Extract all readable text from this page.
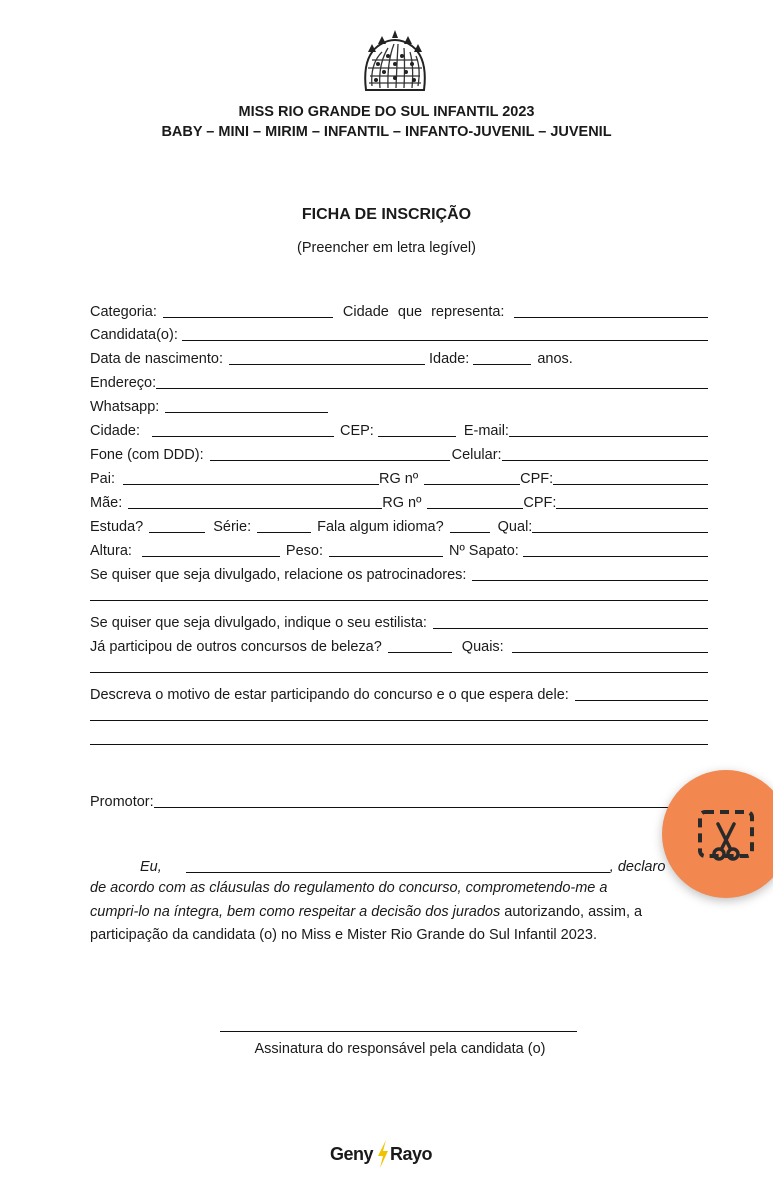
MISS RIO GRANDE DO SUL INFANTIL 2023
BABY – MINI – MIRIM – INFANTIL – INFANTO-JUVENIL – JUVENIL
FICHA DE INSCRIÇÃO
(Preencher em letra legível)
Categoria:	Cidade que representa:
Candidata(o):
Data de nascimento:	Idade:	anos.
Endereço:
Whatsapp:
Cidade:	CEP:	E-mail:
Fone (com DDD):	Celular:
Pai:	RG nº	CPF:
Mãe:	RG nº	CPF:
Estuda?	Série:	Fala algum idioma?	Qual:
Altura:	Peso:	Nº Sapato:
Se quiser que seja divulgado, relacione os patrocinadores:
Se quiser que seja divulgado, indique o seu estilista:
Já participou de outros concursos de beleza?	Quais:
Descreva o motivo de estar participando do concurso e o que espera dele:
Promotor:
Eu,	, declaro
de acordo com as cláusulas do regulamento do concurso, comprometendo-me a
cumpri-lo na íntegra, bem como respeitar a decisão dos jurados autorizando, assim, a
participação da candidata (o) no Miss e Mister Rio Grande do Sul Infantil 2023.
Assinatura do responsável pela candidata (o)
Geny Rayo
